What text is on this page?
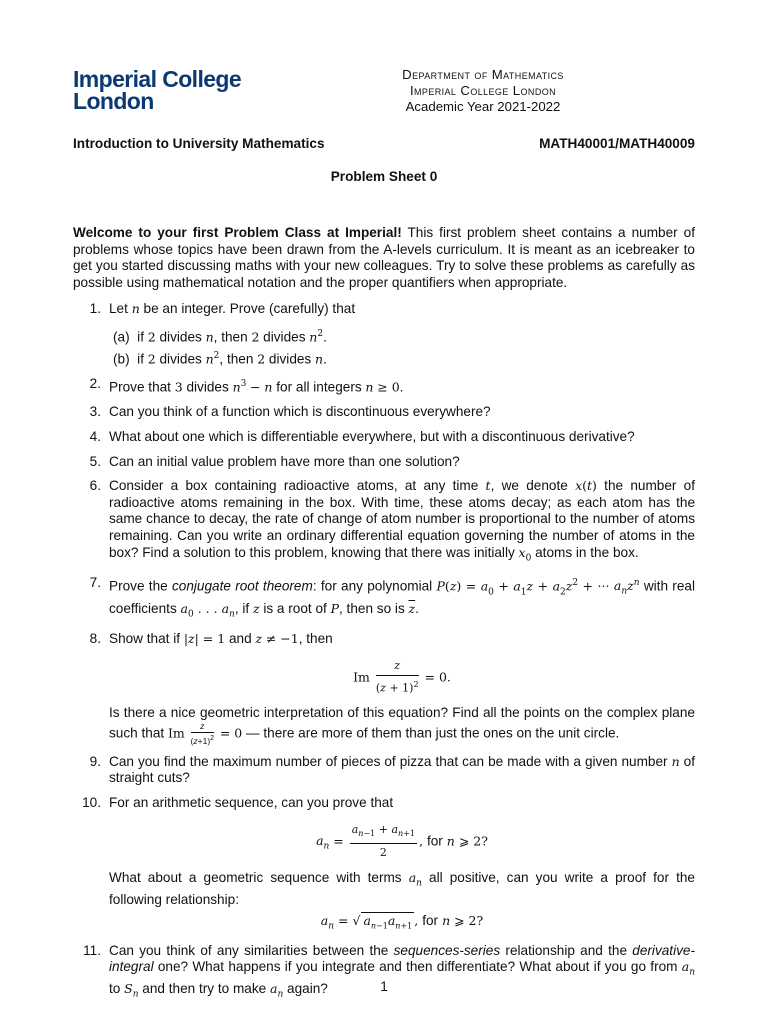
Imperial College
London
Department of Mathematics
Imperial College London
Academic Year 2021-2022
Introduction to University Mathematics	MATH40001/MATH40009
Problem Sheet 0

Welcome to your first Problem Class at Imperial! This first problem sheet contains a number of problems whose topics have been drawn from the A-levels curriculum. It is meant as an icebreaker to get you started discussing maths with your new colleagues. Try to solve these problems as carefully as possible using mathematical notation and the proper quantifiers when appropriate.

1. Let n be an integer. Prove (carefully) that
(a)  if 2 divides n, then 2 divides $n^2$.
(b)  if 2 divides $n^2$, then 2 divides n.
2. Prove that 3 divides $n^3 - n$ for all integers n ≥ 0.
3. Can you think of a function which is discontinuous everywhere?
4. What about one which is differentiable everywhere, but with a discontinuous derivative?
5. Can an initial value problem have more than one solution?
6. Consider a box containing radioactive atoms, at any time t, we denote x(t) the number of radioactive atoms remaining in the box. With time, these atoms decay; as each atom has the same chance to decay, the rate of change of atom number is proportional to the number of atoms remaining. Can you write an ordinary differential equation governing the number of atoms in the box? Find a solution to this problem, knowing that there was initially $x_0$ atoms in the box.
7. Prove the conjugate root theorem: for any polynomial $P(z) = a_0 + a_1z + a_2z^2$ + ··· $a_nz^n$ with real coefficients $a_0$ . . . $a_n$, if z is a root of P, then so is $\overline{z}$.
8. Show that if |z| = 1 and z ≠ −1, then
Im $\frac{z}{(z + 1)^2} = 0$.
Is there a nice geometric interpretation of this equation? Find all the points on the complex plane such that Im $\frac{z}{(z+1)^2} = 0$ — there are more of them than just the ones on the unit circle.
9. Can you find the maximum number of pieces of pizza that can be made with a given number n of straight cuts?
10. For an arithmetic sequence, can you prove that
$a_n = \frac{a_{n-1} + a_{n+1}}{2}$ , for n ⩾ 2?
What about a geometric sequence with terms $a_n$ all positive, can you write a proof for the following relationship:
$a_n$ = √ $a_{n-1}a_{n+1}$ , for n ⩾ 2?
11. Can you think of any similarities between the sequences-series relationship and the derivative-integral one? What happens if you integrate and then differentiate? What about if you go from $a_n$ to $S_n$ and then try to make $a_n$ again?	1
